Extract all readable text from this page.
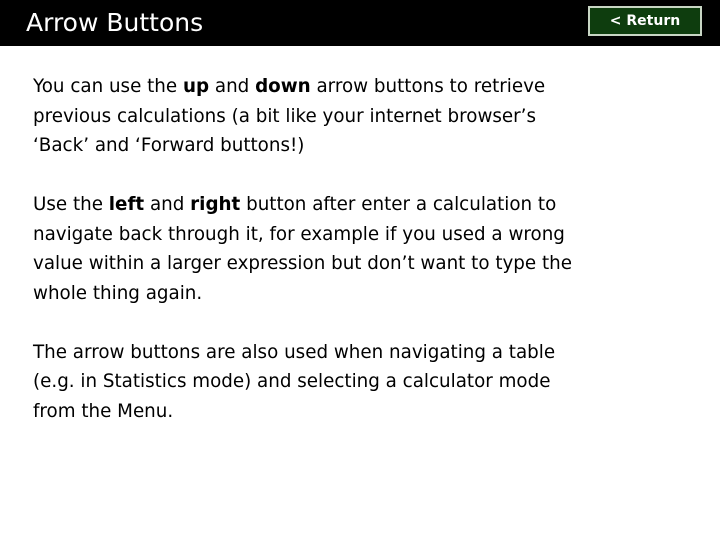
Arrow Buttons	< Return

You can use the up and down arrow buttons to retrieve previous calculations (a bit like your internet browser’s ‘Back’ and ‘Forward buttons!)

Use the left and right button after enter a calculation to navigate back through it, for example if you used a wrong value within a larger expression but don’t want to type the whole thing again.

The arrow buttons are also used when navigating a table (e.g. in Statistics mode) and selecting a calculator mode from the Menu.
